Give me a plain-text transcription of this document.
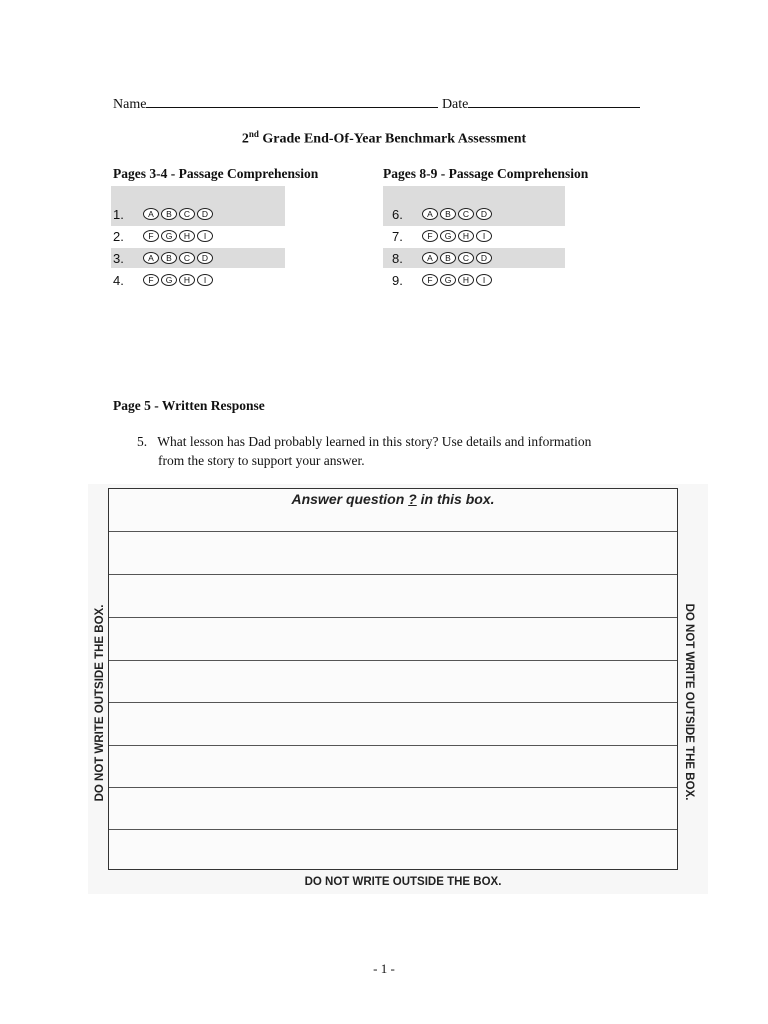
Name	Date
2nd Grade End-Of-Year Benchmark Assessment
Pages 3-4 - Passage Comprehension	Pages 8-9 - Passage Comprehension
1.	A	B	C	D
2.	F	G	H	I
3.	A	B	C	D
4.	F	G	H	I
6.	A	B	C	D
7.	F	G	H	I
8.	A	B	C	D
9.	F	G	H	I
Page 5 - Written Response
5. What lesson has Dad probably learned in this story? Use details and information
from the story to support your answer.
Answer question ? in this box.
DO NOT WRITE OUTSIDE THE BOX.	DO NOT WRITE OUTSIDE THE BOX.
DO NOT WRITE OUTSIDE THE BOX.
- 1 -
